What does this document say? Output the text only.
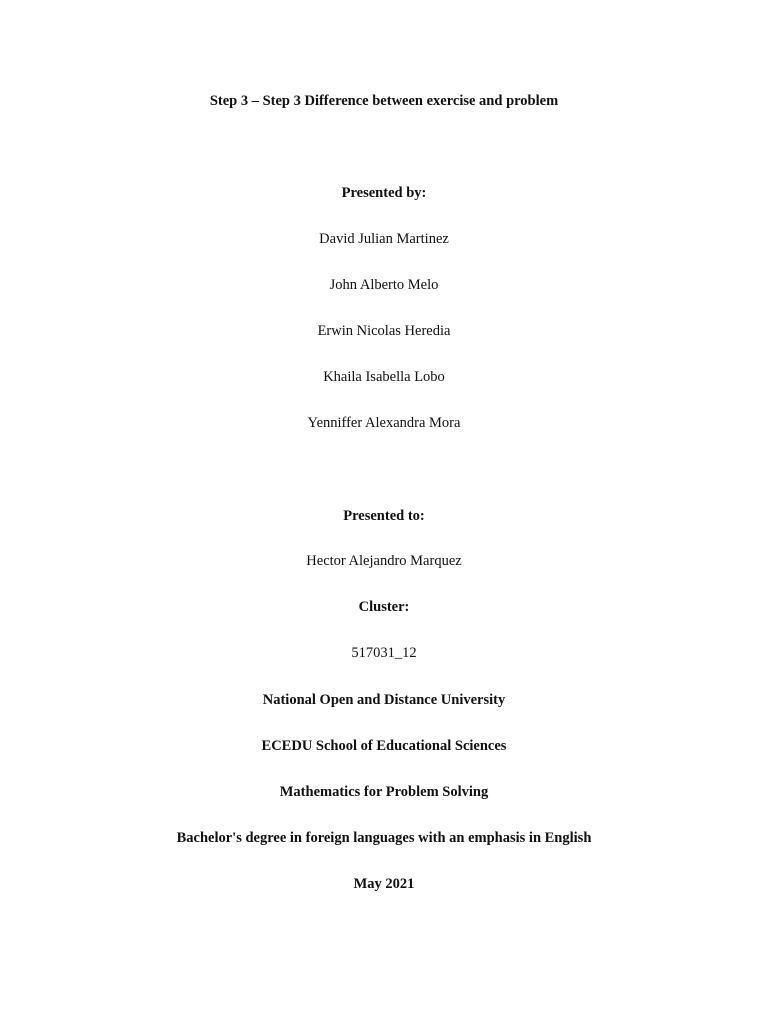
Step 3 – Step 3 Difference between exercise and problem
Presented by:
David Julian Martinez
John Alberto Melo
Erwin Nicolas Heredia
Khaila Isabella Lobo
Yenniffer Alexandra Mora
Presented to:
Hector Alejandro Marquez
Cluster:
517031_12
National Open and Distance University
ECEDU School of Educational Sciences
Mathematics for Problem Solving
Bachelor's degree in foreign languages with an emphasis in English
May 2021
